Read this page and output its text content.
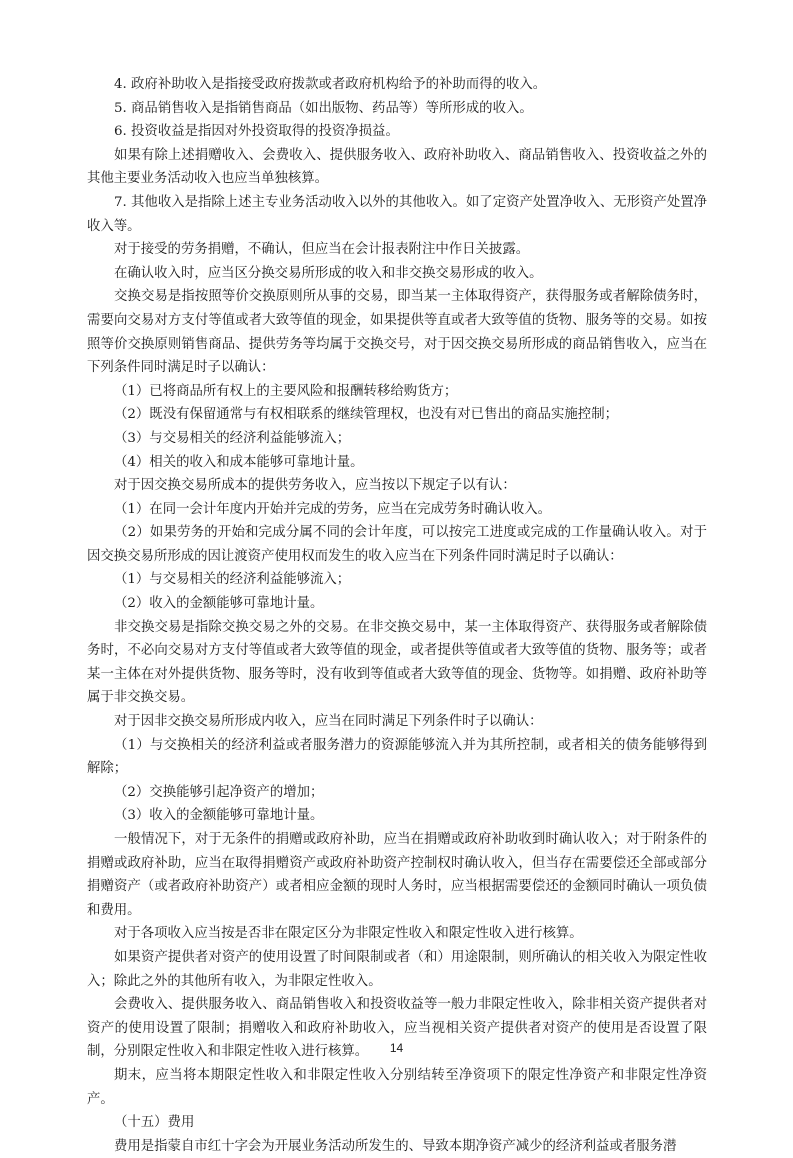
4. 政府补助收入是指接受政府拨款或者政府机构给予的补助而得的收入。

5. 商品销售收入是指销售商品（如出版物、药品等）等所形成的收入。

6. 投资收益是指因对外投资取得的投资净损益。

如果有除上述捐赠收入、会费收入、提供服务收入、政府补助收入、商品销售收入、投资收益之外的其他主要业务活动收入也应当单独核算。

7. 其他收入是指除上述主专业务活动收入以外的其他收入。如了定资产处置净收入、无形资产处置净收入等。

对于接受的劳务捐赠，不确认，但应当在会计报表附注中作日关披露。

在确认收入时，应当区分换交易所形成的收入和非交换交易形成的收入。

交换交易是指按照等价交换原则所从事的交易，即当某一主体取得资产，获得服务或者解除债务时，需要向交易对方支付等值或者大致等值的现金，如果提供等直或者大致等值的货物、服务等的交易。如按照等价交换原则销售商品、提供劳务等均属于交换交号，对于因交换交易所形成的商品销售收入，应当在下列条件同时满足时子以确认：

（1）已将商品所有权上的主要风险和报酬转移给购货方；

（2）既没有保留通常与有权相联系的继续管理权，也没有对已售出的商品实施控制；

（3）与交易相关的经济利益能够流入；

（4）相关的收入和成本能够可靠地计量。

对于因交换交易所成本的提供劳务收入，应当按以下规定子以有认：

（1）在同一会计年度内开始并完成的劳务，应当在完成劳务时确认收入。

（2）如果劳务的开始和完成分属不同的会计年度，可以按完工进度或完成的工作量确认收入。对于因交换交易所形成的因让渡资产使用权而发生的收入应当在下列条件同时满足时子以确认：

（1）与交易相关的经济利益能够流入；

（2）收入的金额能够可靠地计量。

非交换交易是指除交换交易之外的交易。在非交换交易中，某一主体取得资产、获得服务或者解除债务时，不必向交易对方支付等值或者大致等值的现金，或者提供等值或者大致等值的货物、服务等；或者某一主体在对外提供货物、服务等时，没有收到等值或者大致等值的现金、货物等。如捐赠、政府补助等属于非交换交易。

对于因非交换交易所形成内收入，应当在同时满足下列条件时子以确认：

（1）与交换相关的经济利益或者服务潜力的资源能够流入并为其所控制，或者相关的债务能够得到解除；

（2）交换能够引起净资产的增加；

（3）收入的金额能够可靠地计量。

一般情况下，对于无条件的捐赠或政府补助，应当在捐赠或政府补助收到时确认收入；对于附条件的捐赠或政府补助，应当在取得捐赠资产或政府补助资产控制权时确认收入，但当存在需要偿还全部或部分捐赠资产（或者政府补助资产）或者相应金额的现时人务时，应当根据需要偿还的金额同时确认一项负债和费用。

对于各项收入应当按是否非在限定区分为非限定性收入和限定性收入进行核算。

如果资产提供者对资产的使用设置了时间限制或者（和）用途限制，则所确认的相关收入为限定性收入；除此之外的其他所有收入，为非限定性收入。

会费收入、提供服务收入、商品销售收入和投资收益等一般力非限定性收入，除非相关资产提供者对资产的使用设置了限制；捐赠收入和政府补助收入，应当视相关资产提供者对资产的使用是否设置了限制，分别限定性收入和非限定性收入进行核算。

期末，应当将本期限定性收入和非限定性收入分别结转至净资项下的限定性净资产和非限定性净资产。

（十五）费用

费用是指蒙自市红十字会为开展业务活动所发生的、导致本期净资产减少的经济利益或者服务潜

14
